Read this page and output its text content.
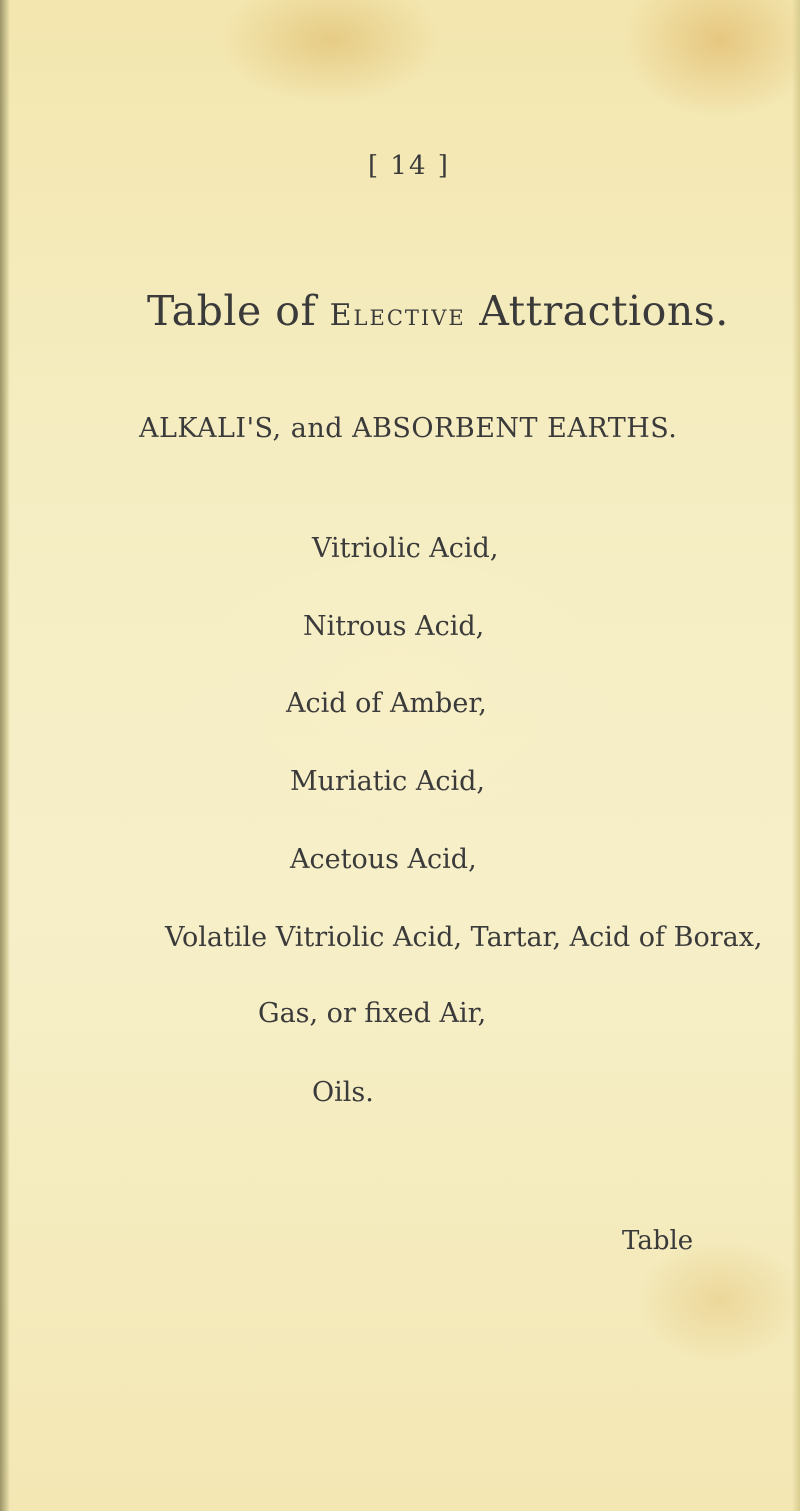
[ 14 ]
Table of Elective Attractions.
ALKALI'S, and ABSORBENT EARTHS.
Vitriolic Acid,
Nitrous Acid,
Acid of Amber,
Muriatic Acid,
Acetous Acid,
Volatile Vitriolic Acid, Tartar, Acid of Borax,
Gas, or fixed Air,
Oils.
Table
